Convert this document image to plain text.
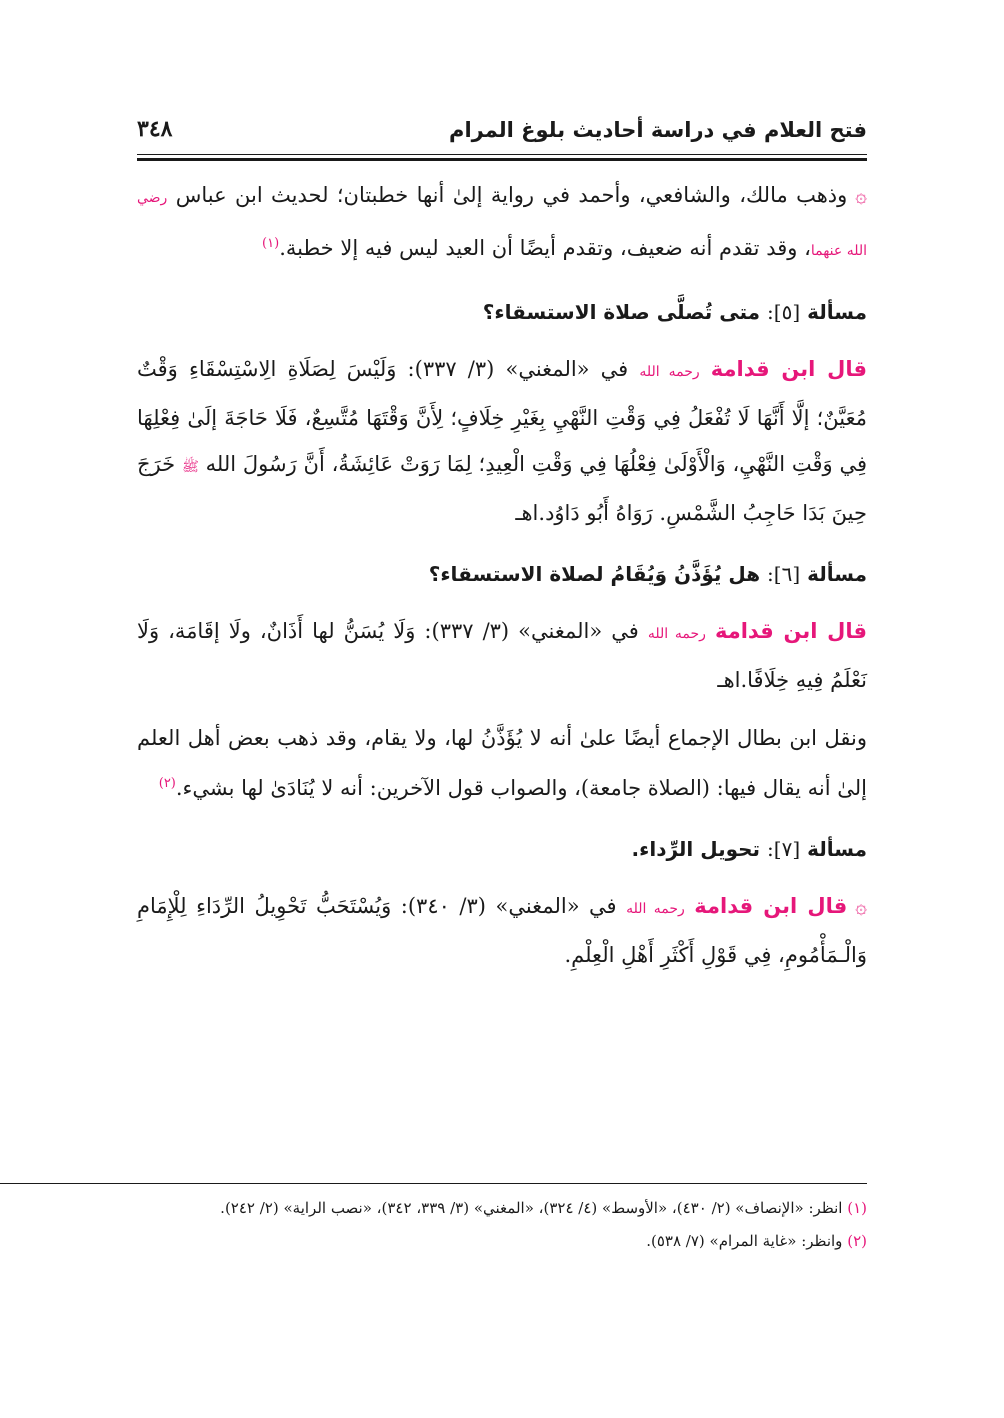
فتح العلام في دراسة أحاديث بلوغ المرام
٣٤٨

۞وذهب مالك، والشافعي، وأحمد في رواية إلىٰ أنها خطبتان؛ لحديث ابن عباس رضي الله عنهما، وقد تقدم أنه ضعيف، وتقدم أيضًا أن العيد ليس فيه إلا خطبة.$^{(١)}$

مسألة [٥]: متى تُصلَّى صلاة الاستسقاء؟

قال ابن قدامة رحمه الله في «المغني» (٣/ ٣٣٧): وَلَيْسَ لِصَلَاةِ الِاسْتِسْقَاءِ وَقْتٌ مُعَيَّنٌ؛ إلَّا أَنَّهَا لَا تُفْعَلُ فِي وَقْتِ النَّهْيِ بِغَيْرِ خِلَافٍ؛ لِأَنَّ وَقْتَهَا مُتَّسِعٌ، فَلَا حَاجَةَ إلَىٰ فِعْلِهَا فِي وَقْتِ النَّهْيِ، وَالْأَوْلَىٰ فِعْلُهَا فِي وَقْتِ الْعِيدِ؛ لِمَا رَوَتْ عَائِشَةُ، أَنَّ رَسُولَ الله ﷺ خَرَجَ حِينَ بَدَا حَاجِبُ الشَّمْسِ. رَوَاهُ أَبُو دَاوُد.اهـ

مسألة [٦]: هل يُؤَذَّنُ وَيُقَامُ لصلاة الاستسقاء؟

قال ابن قدامة رحمه الله في «المغني» (٣/ ٣٣٧): وَلَا يُسَنُّ لها أَذَانٌ، ولَا إقَامَة، وَلَا نَعْلَمُ فِيهِ خِلَافًا.اهـ

ونقل ابن بطال الإجماع أيضًا علىٰ أنه لا يُؤَذَّنُ لها، ولا يقام، وقد ذهب بعض أهل العلم إلىٰ أنه يقال فيها: (الصلاة جامعة)، والصواب قول الآخرين: أنه لا يُنَادَىٰ لها بشيء.$^{(٢)}$

مسألة [٧]: تحويل الرِّداء.

۞قال ابن قدامة رحمه الله في «المغني» (٣/ ٣٤٠): وَيُسْتَحَبُّ تَحْوِيلُ الرِّدَاءِ لِلْإِمَامِ وَالْـمَأْمُومِ، فِي قَوْلِ أَكْثَرِ أَهْلِ الْعِلْمِ.

(١) انظر: «الإنصاف» (٢/ ٤٣٠)، «الأوسط» (٤/ ٣٢٤)، «المغني» (٣/ ٣٣٩، ٣٤٢)، «نصب الراية» (٢/ ٢٤٢).

(٢) وانظر: «غاية المرام» (٧/ ٥٣٨).
